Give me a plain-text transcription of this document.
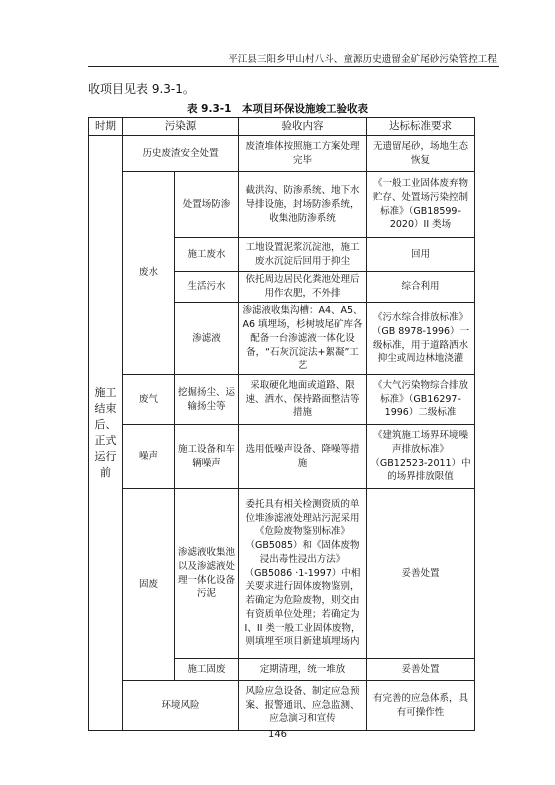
平江县三阳乡甲山村八斗、童源历史遗留金矿尾砂污染管控工程
收项目见表 9.3-1。
表 9.3-1　本项目环保设施竣工验收表
时期	污染源		验收内容	达标标准要求
施工结束后、正式运行前	历史废渣安全处置		废渣堆体按照施工方案处理完毕	无遗留尾砂，场地生态恢复
	废水	处置场防渗	截洪沟、防渗系统、地下水导排设施，封场防渗系统，收集池防渗系统	《一般工业固体废弃物贮存、处置场污染控制标准》（GB18599-2020）II 类场
		施工废水	工地设置泥浆沉淀池，施工废水沉淀后回用于抑尘	回用
		生活污水	依托周边居民化粪池处理后用作农肥，不外排	综合利用
		渗滤液	渗滤液收集沟槽：A4、A5、A6 填埋场，杉树坡尾矿库各配备一台渗滤液一体化设备，“石灰沉淀法+絮凝”工艺	《污水综合排放标准》（GB 8978-1996）一级标准，用于道路洒水抑尘或周边林地浇灌
	废气	挖掘扬尘、运输扬尘等	采取硬化地面或道路、限速、洒水、保持路面整洁等措施	《大气污染物综合排放标准》（GB16297-1996）二级标准
	噪声	施工设备和车辆噪声	选用低噪声设备、降噪等措施	《建筑施工场界环境噪声排放标准》（GB12523-2011）中的场界排放限值
	固废	渗滤液收集池以及渗滤液处理一体化设备污泥	委托具有相关检测资质的单位堆渗滤液处理站污泥采用《危险废物鉴别标准》（GB5085）和《固体废物　浸出毒性浸出方法》（GB5086 ·1-1997）中相关要求进行固体废物鉴别，若确定为危险废物，则交由有资质单位处理；若确定为 I、II 类一般工业固体废物，则填埋至项目新建填埋场内	妥善处置
		施工固废	定期清理，统一堆放	妥善处置
	环境风险		风险应急设备、制定应急预案、报警通讯、应急监测、应急演习和宣传	有完善的应急体系，具有可操作性
146
